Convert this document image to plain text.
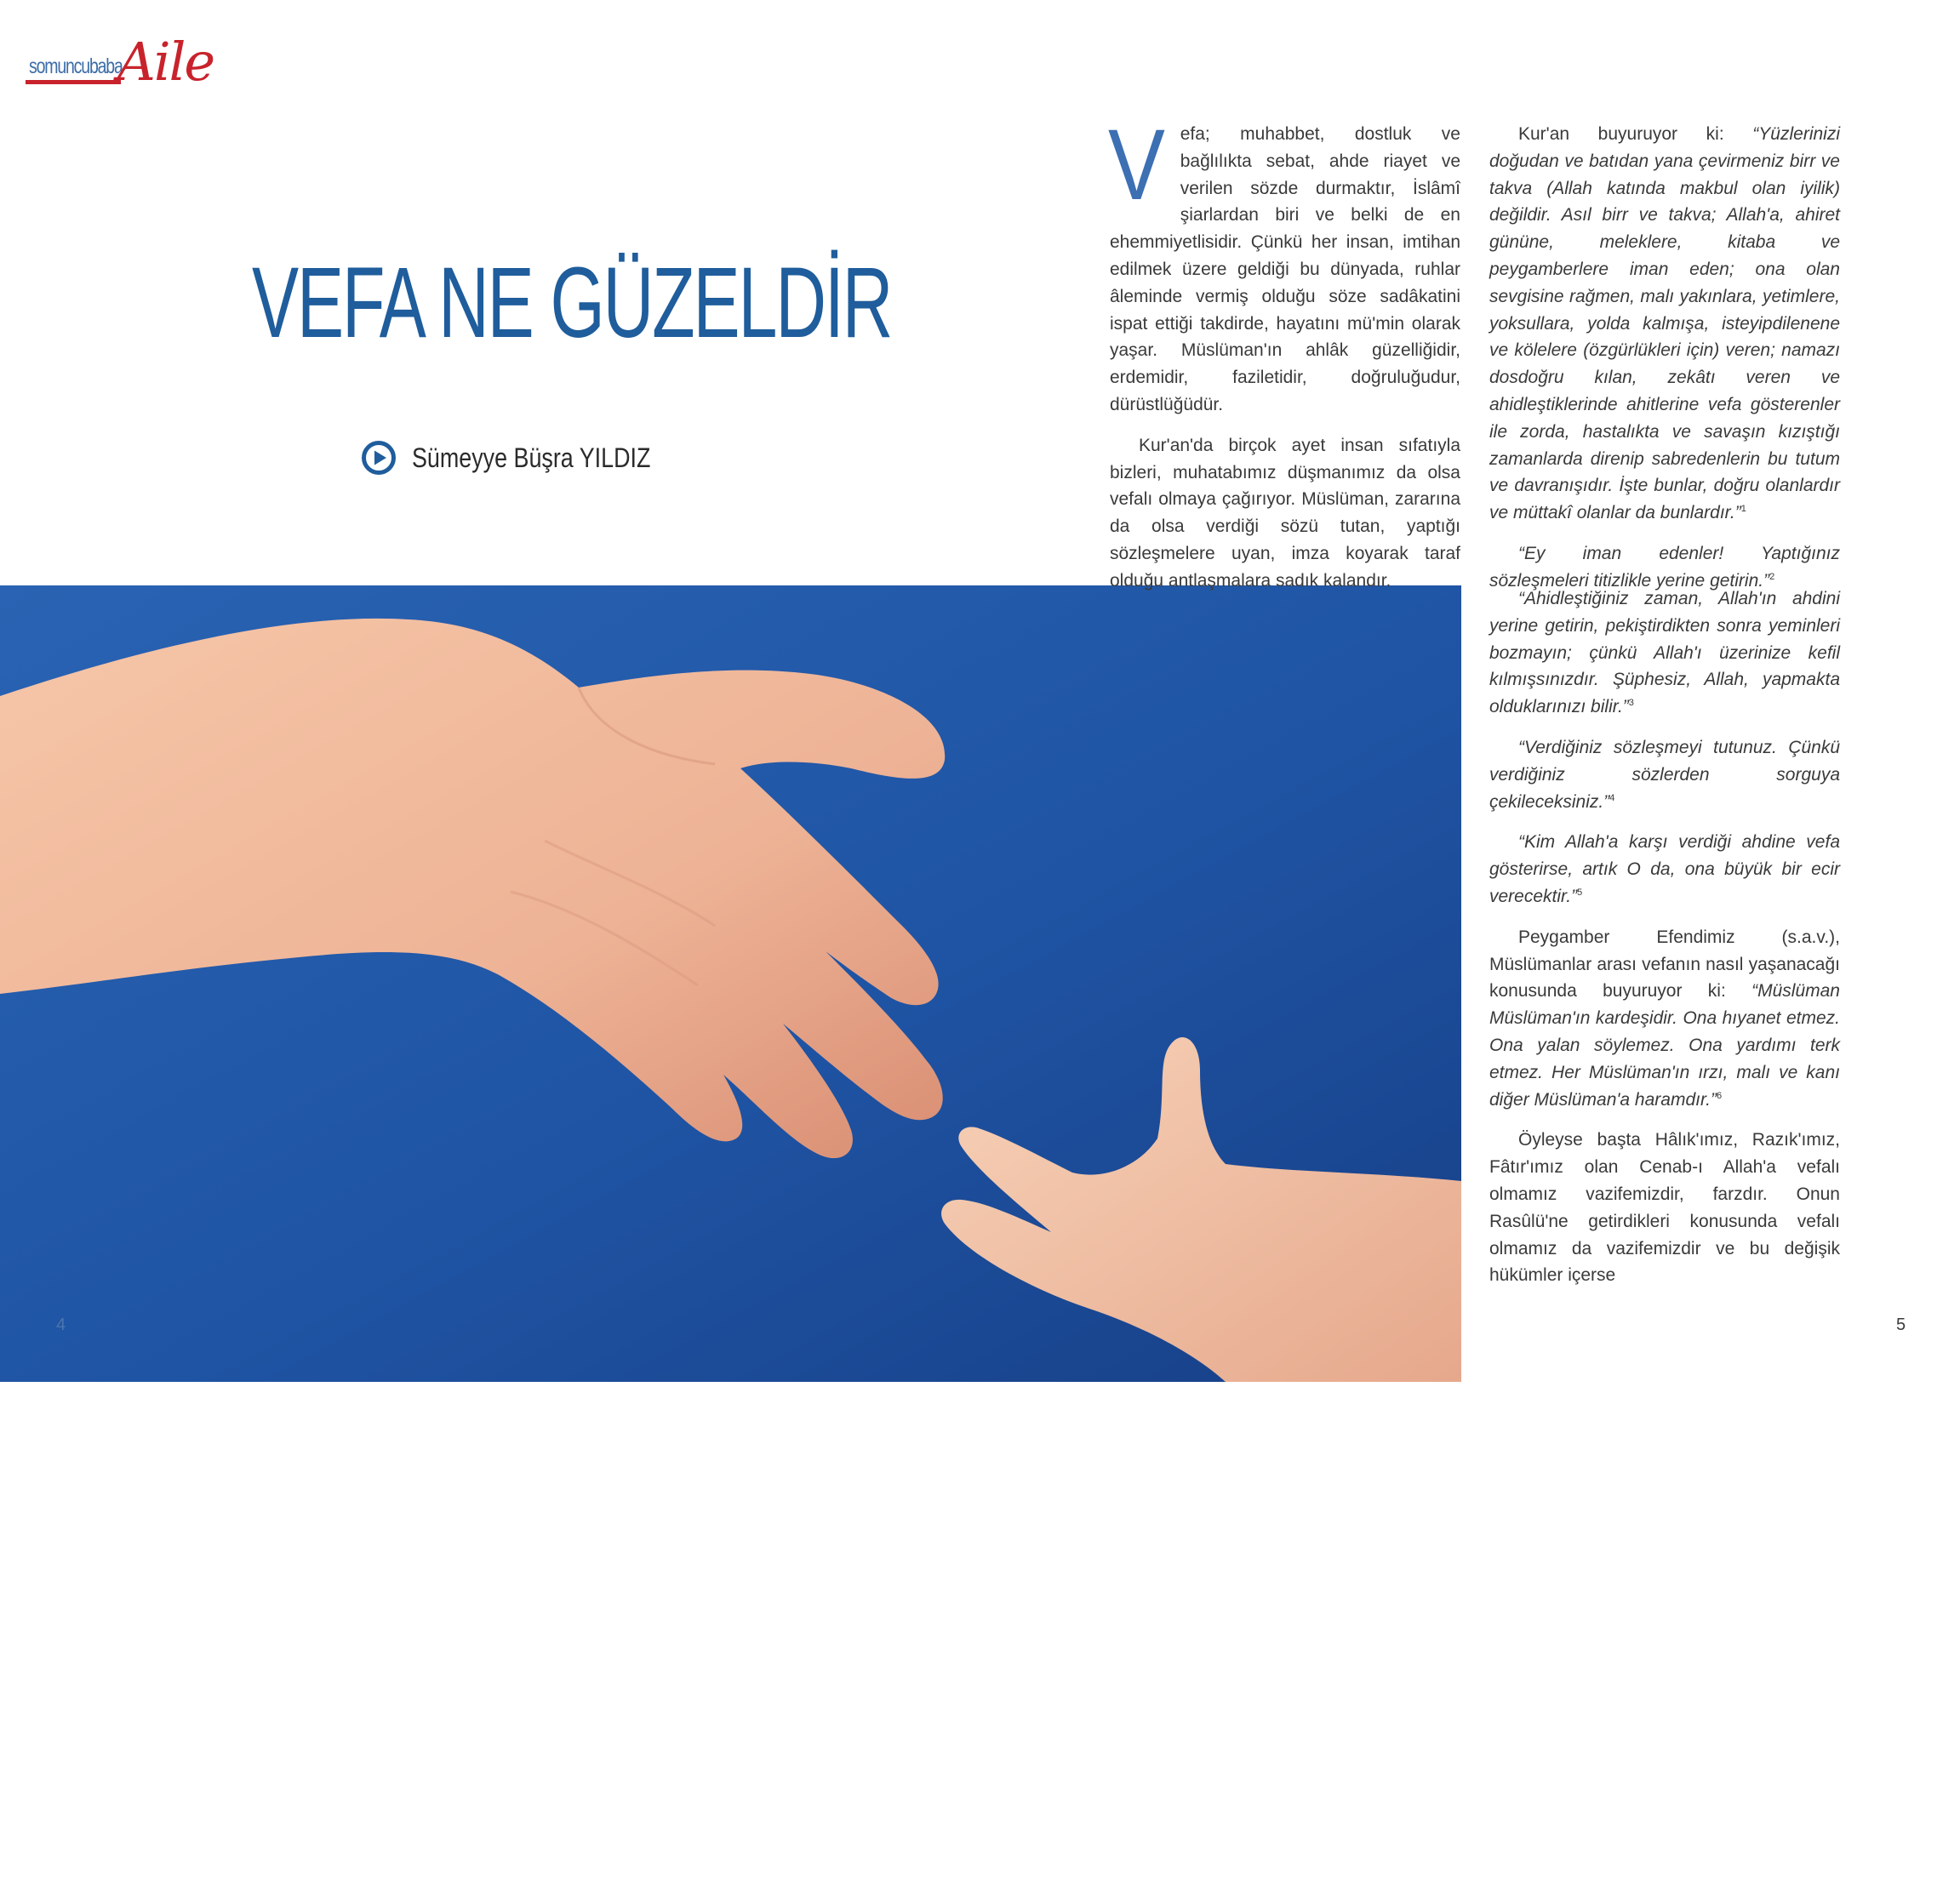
somuncubaba
Aile
VEFA NE GÜZELDİR
Sümeyye Büşra YILDIZ
“Tehlike anında, elimizde bir imkân varsa, Müslüman kardeşimizi tehlikeyle baş başa bırakıp gidilmez. Ona yardım etmemiz gerekir. Vefa budur. Akrabalarımızı arayıp sormak, gerekirse yardımcı olmak, dertleriyle ilgilenmek onlara olan vefamızın gereğidir. Kur'an buna sıla-i rahim diyor ve önemli bir görev olarak üzerimize yüklüyor.”
4	5

Vefa; muhabbet, dostluk ve bağlılıkta sebat, ahde riayet ve verilen sözde durmaktır, İslâmî şiarlardan biri ve belki de en ehemmiyetlisidir. Çünkü her insan, imtihan edilmek üzere geldiği bu dünyada, ruhlar âleminde vermiş olduğu söze sadâkatini ispat ettiği takdirde, hayatını mü'min olarak yaşar. Müslüman'ın ahlâk güzelliğidir, erdemidir, faziletidir, doğruluğudur, dürüstlüğüdür.

Kur'an'da birçok ayet insan sıfatıyla bizleri, muhatabımız düşmanımız da olsa vefalı olmaya çağırıyor. Müslüman, zararına da olsa verdiği sözü tutan, yaptığı sözleşmelere uyan, imza koyarak taraf olduğu antlaşmalara sadık kalandır.

Kur'an buyuruyor ki: “Yüzlerinizi doğudan ve batıdan yana çevirmeniz birr ve takva (Allah katında makbul olan iyilik) değildir. Asıl birr ve takva; Allah'a, ahiret gününe, meleklere, kitaba ve peygamberlere iman eden; ona olan sevgisine rağmen, malı yakınlara, yetimlere, yoksullara, yolda kalmışa, isteyipdilenene ve kölelere (özgürlükleri için) veren; namazı dosdoğru kılan, zekâtı veren ve ahidleştiklerinde ahitlerine vefa gösterenler ile zorda, hastalıkta ve savaşın kızıştığı zamanlarda direnip sabredenlerin bu tutum ve davranışıdır. İşte bunlar, doğru olanlardır ve müttakî olanlar da bunlardır.”$^1$

“Ey iman edenler! Yaptığınız sözleşmeleri titizlikle yerine getirin.”$^2$

“Ahidleştiğiniz zaman, Allah'ın ahdini yerine getirin, pekiştirdikten sonra yeminleri bozmayın; çünkü Allah'ı üzerinize kefil kılmışsınızdır. Şüphesiz, Allah, yapmakta olduklarınızı bilir.”$^3$

“Verdiğiniz sözleşmeyi tutunuz. Çünkü verdiğiniz sözlerden sorguya çekileceksiniz.”$^4$

“Kim Allah'a karşı verdiği ahdine vefa gösterirse, artık O da, ona büyük bir ecir verecektir.”$^5$

Peygamber Efendimiz (s.a.v.), Müslümanlar arası vefanın nasıl yaşanacağı konusunda buyuruyor ki: “Müslüman Müslüman'ın kardeşidir. Ona hıyanet etmez. Ona yalan söylemez. Ona yardımı terk etmez. Her Müslüman'ın ırzı, malı ve kanı diğer Müslüman'a haramdır.”$^6$

Öyleyse başta Hâlık'ımız, Razık'ımız, Fâtır'ımız olan Cenab-ı Allah'a vefalı olmamız vazifemizdir, farzdır. Onun Rasûlü'ne getirdikleri konusunda vefalı olmamız da vazifemizdir ve bu değişik hükümler içerse
